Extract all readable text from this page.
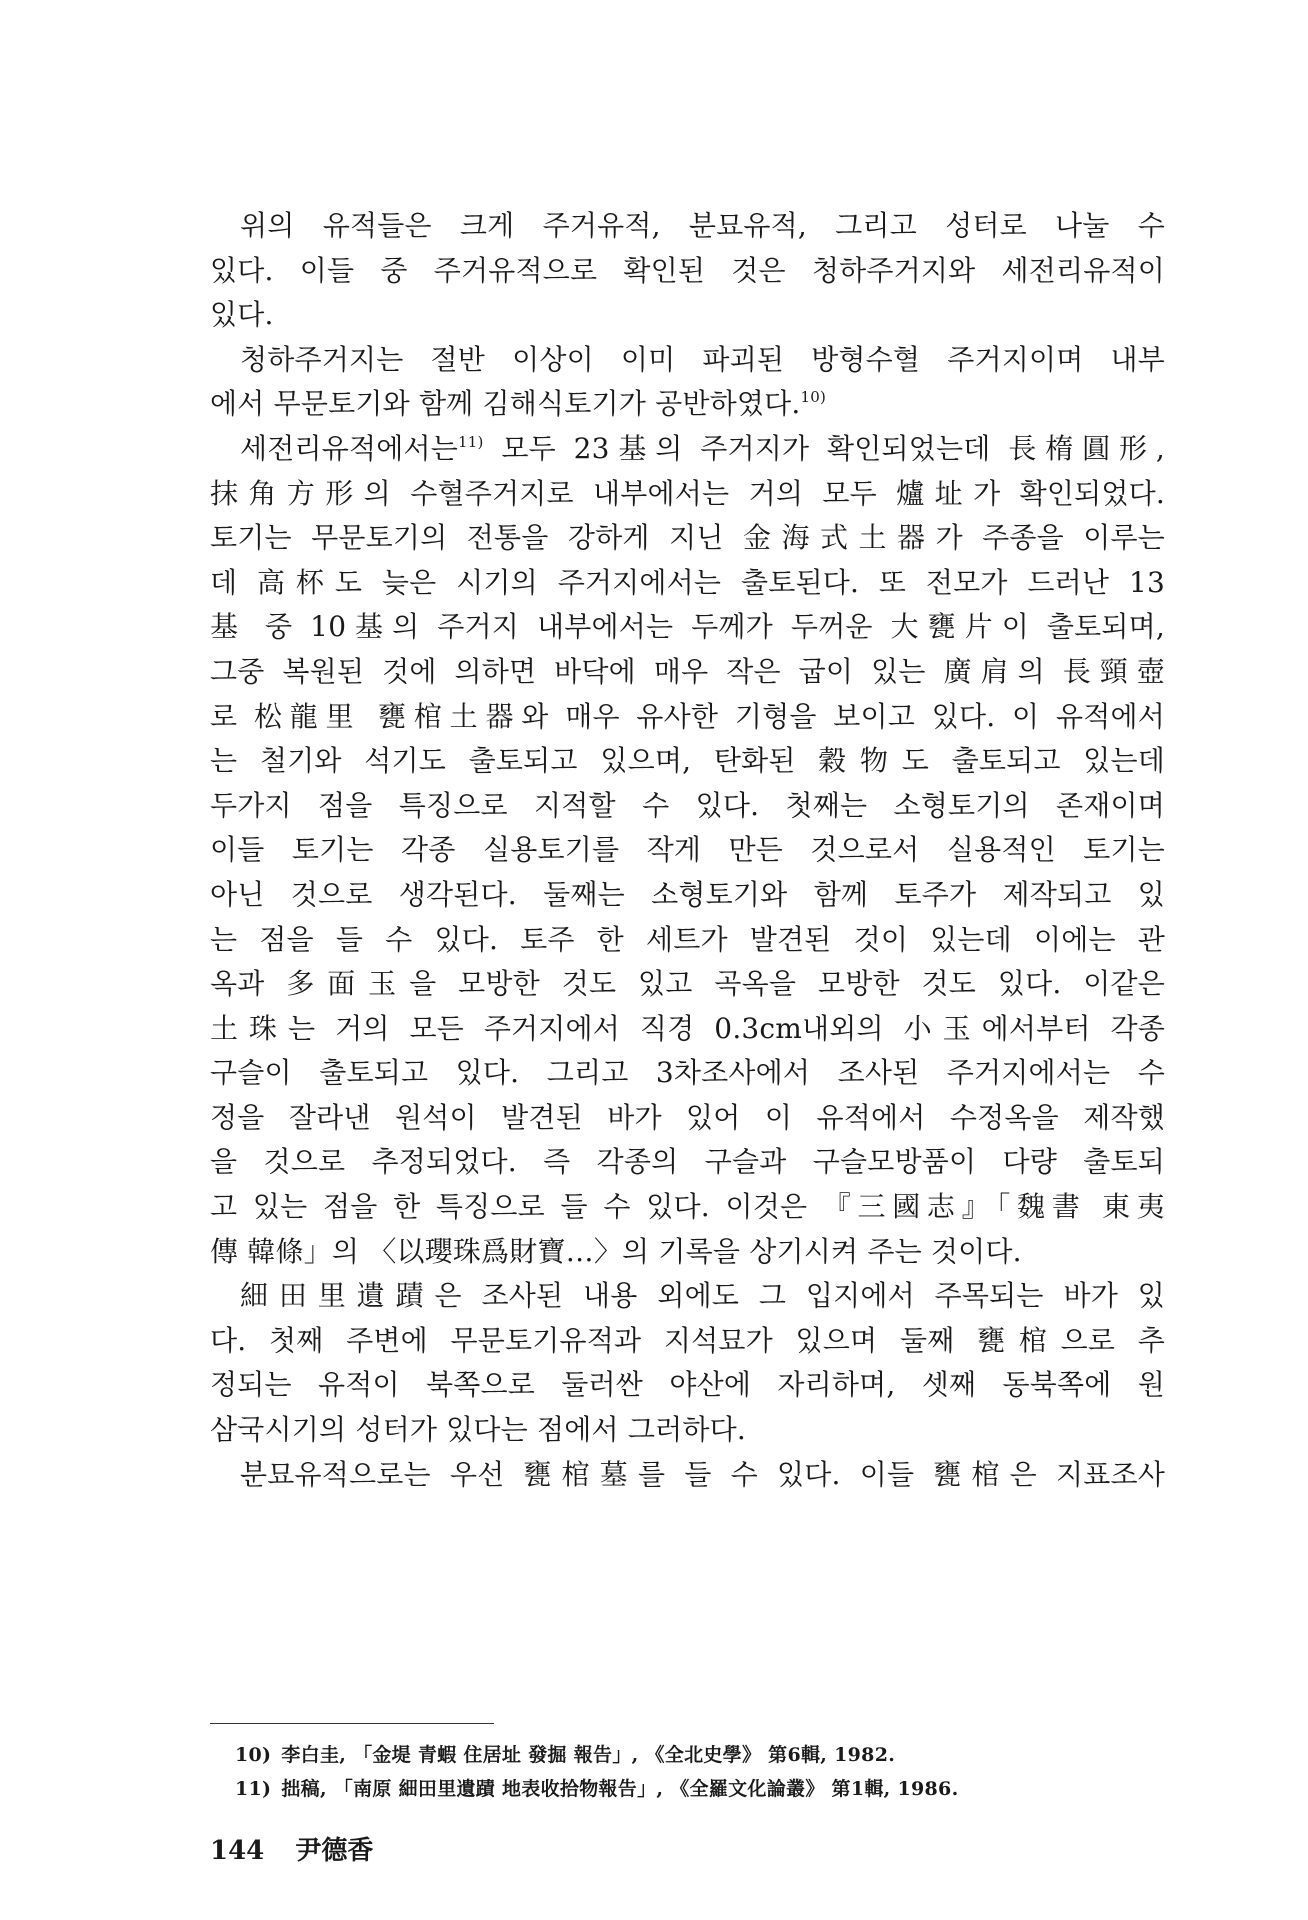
위의 유적들은 크게 주거유적, 분묘유적, 그리고 성터로 나눌 수
있다. 이들 중 주거유적으로 확인된 것은 청하주거지와 세전리유적이
있다.
청하주거지는 절반 이상이 이미 파괴된 방형수혈 주거지이며 내부
에서 무문토기와 함께 김해식토기가 공반하였다.$^{10)}$
세전리유적에서는$^{11)}$ 모두 23基의 주거지가 확인되었는데 長楕圓形,
抹角方形의 수혈주거지로 내부에서는 거의 모두 爐址가 확인되었다.
토기는 무문토기의 전통을 강하게 지닌 金海式土器가 주종을 이루는
데 高杯도 늦은 시기의 주거지에서는 출토된다. 또 전모가 드러난 13
基 중 10基의 주거지 내부에서는 두께가 두꺼운 大甕片이 출토되며,
그중 복원된 것에 의하면 바닥에 매우 작은 굽이 있는 廣肩의 長頸壺
로 松龍里 甕棺土器와 매우 유사한 기형을 보이고 있다. 이 유적에서
는 철기와 석기도 출토되고 있으며, 탄화된 穀物도 출토되고 있는데
두가지 점을 특징으로 지적할 수 있다. 첫째는 소형토기의 존재이며
이들 토기는 각종 실용토기를 작게 만든 것으로서 실용적인 토기는
아닌 것으로 생각된다. 둘째는 소형토기와 함께 토주가 제작되고 있
는 점을 들 수 있다. 토주 한 세트가 발견된 것이 있는데 이에는 관
옥과 多面玉을 모방한 것도 있고 곡옥을 모방한 것도 있다. 이같은
土珠는 거의 모든 주거지에서 직경 0.3cm내외의 小玉에서부터 각종
구슬이 출토되고 있다. 그리고 3차조사에서 조사된 주거지에서는 수
정을 잘라낸 원석이 발견된 바가 있어 이 유적에서 수정옥을 제작했
을 것으로 추정되었다. 즉 각종의 구슬과 구슬모방품이 다량 출토되
고 있는 점을 한 특징으로 들 수 있다. 이것은 『三國志』「魏書 東夷
傳 韓條」의 〈以瓔珠爲財寶…〉의 기록을 상기시켜 주는 것이다.
細田里遺蹟은 조사된 내용 외에도 그 입지에서 주목되는 바가 있
다. 첫째 주변에 무문토기유적과 지석묘가 있으며 둘째 甕棺으로 추
정되는 유적이 북쪽으로 둘러싼 야산에 자리하며, 셋째 동북쪽에 원
삼국시기의 성터가 있다는 점에서 그러하다.
분묘유적으로는 우선 甕棺墓를 들 수 있다. 이들 甕棺은 지표조사
10) 李白圭, 「金堤 青蝦 住居址 發掘 報告」, 《全北史學》 第6輯, 1982.
11) 拙稿, 「南原 細田里遺蹟 地表收拾物報告」, 《全羅文化論叢》 第1輯, 1986.
144 尹德香
